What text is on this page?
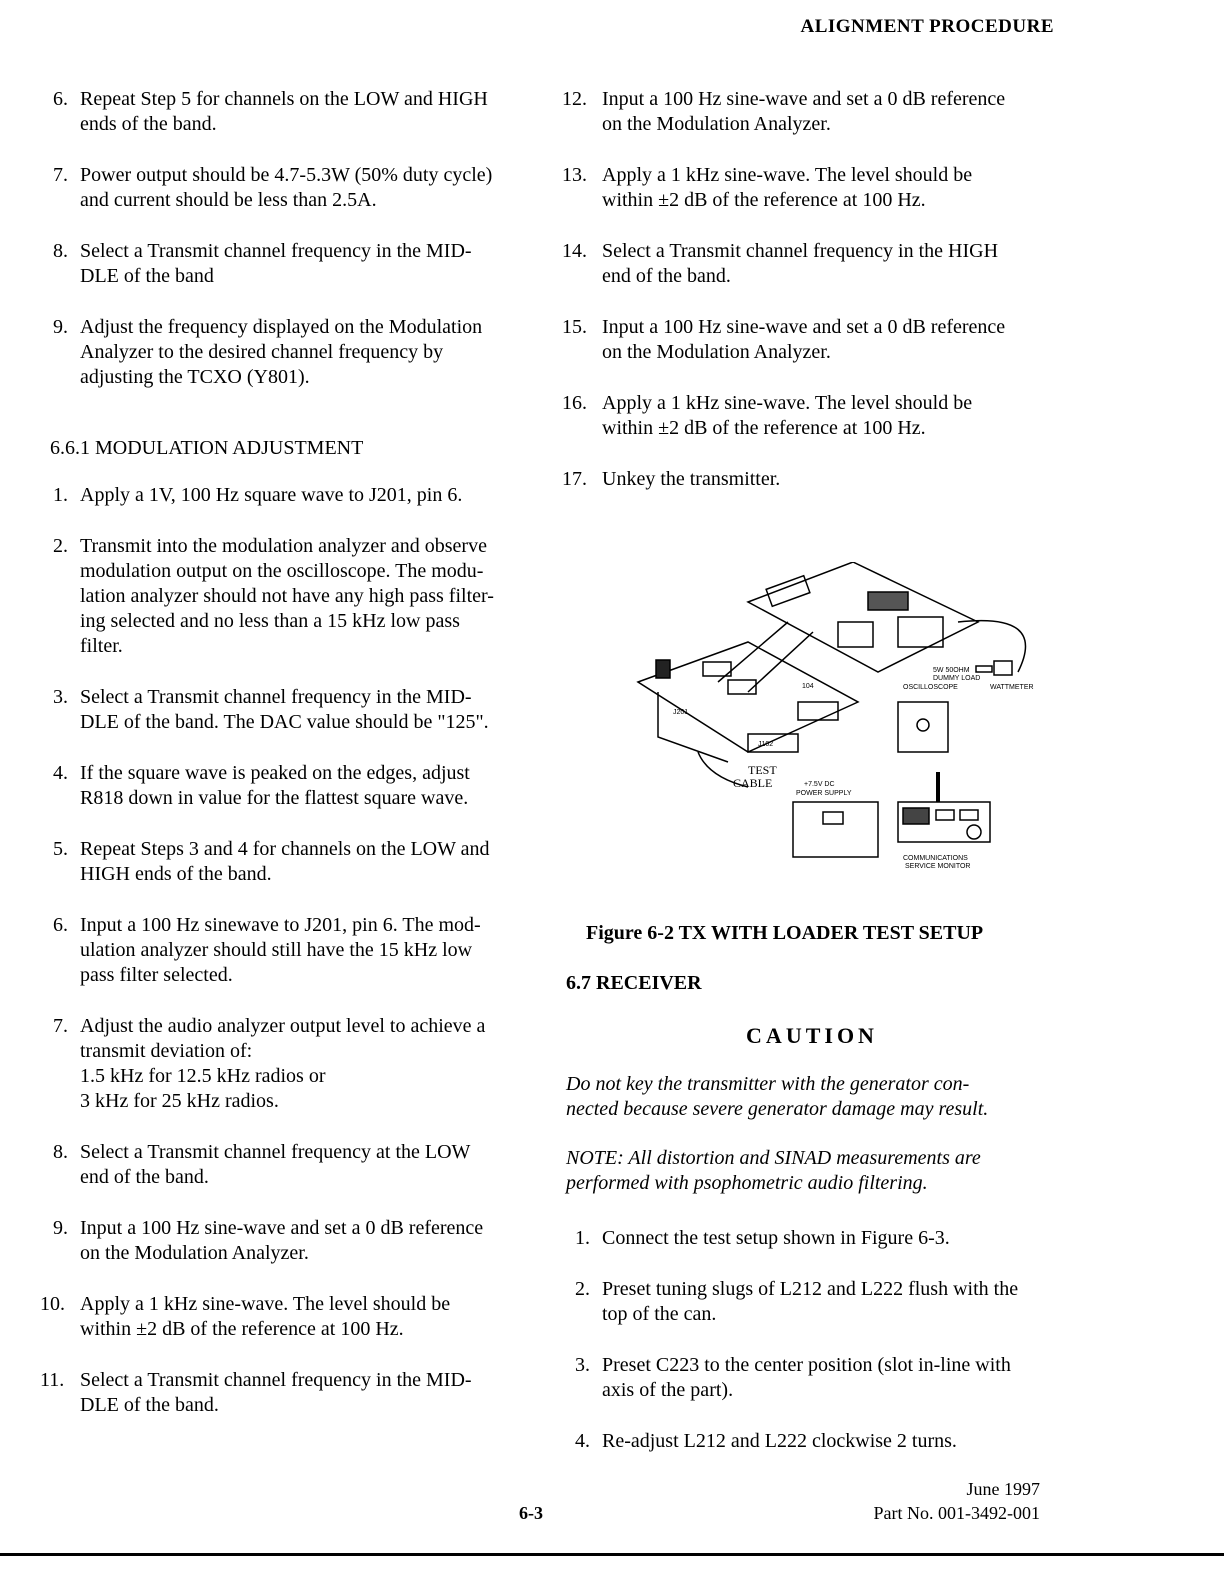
ALIGNMENT PROCEDURE
6. Repeat Step 5 for channels on the LOW and HIGH
ends of the band.
7. Power output should be 4.7-5.3W (50% duty cycle)
and current should be less than 2.5A.
8. Select a Transmit channel frequency in the MID-
DLE of the band
9. Adjust the frequency displayed on the Modulation
Analyzer to the desired channel frequency by
adjusting the TCXO (Y801).
6.6.1 MODULATION ADJUSTMENT
1. Apply a 1V, 100 Hz square wave to J201, pin 6.
2. Transmit into the modulation analyzer and observe
modulation output on the oscilloscope. The modu-
lation analyzer should not have any high pass filter-
ing selected and no less than a 15 kHz low pass
filter.
3. Select a Transmit channel frequency in the MID-
DLE of the band. The DAC value should be "125".
4. If the square wave is peaked on the edges, adjust
R818 down in value for the flattest square wave.
5. Repeat Steps 3 and 4 for channels on the LOW and
HIGH ends of the band.
6. Input a 100 Hz sinewave to J201, pin 6. The mod-
ulation analyzer should still have the 15 kHz low
pass filter selected.
7. Adjust the audio analyzer output level to achieve a
transmit deviation of:
1.5 kHz for 12.5 kHz radios or
3 kHz for 25 kHz radios.
8. Select a Transmit channel frequency at the LOW
end of the band.
9. Input a 100 Hz sine-wave and set a 0 dB reference
on the Modulation Analyzer.
10. Apply a 1 kHz sine-wave. The level should be
within ±2 dB of the reference at 100 Hz.
11. Select a Transmit channel frequency in the MID-
DLE of the band.
12. Input a 100 Hz sine-wave and set a 0 dB reference
on the Modulation Analyzer.
13. Apply a 1 kHz sine-wave. The level should be
within ±2 dB of the reference at 100 Hz.
14. Select a Transmit channel frequency in the HIGH
end of the band.
15. Input a 100 Hz sine-wave and set a 0 dB reference
on the Modulation Analyzer.
16. Apply a 1 kHz sine-wave. The level should be
within ±2 dB of the reference at 100 Hz.
17. Unkey the transmitter.
5W 50OHM DUMMY LOAD
WATTMETER
OSCILLOSCOPE
104
J102
J201
COMMUNICATIONS SERVICE MONITOR
+7.5V DC POWER SUPPLY
TEST CABLE
Figure 6-2 TX WITH LOADER TEST SETUP
6.7 RECEIVER
CAUTION
Do not key the transmitter with the generator con-
nected because severe generator damage may result.
NOTE: All distortion and SINAD measurements are
performed with psophometric audio filtering.
1. Connect the test setup shown in Figure 6-3.
2. Preset tuning slugs of L212 and L222 flush with the
top of the can.
3. Preset C223 to the center position (slot in-line with
axis of the part).
4. Re-adjust L212 and L222 clockwise 2 turns.
6-3
June 1997
Part No. 001-3492-001
